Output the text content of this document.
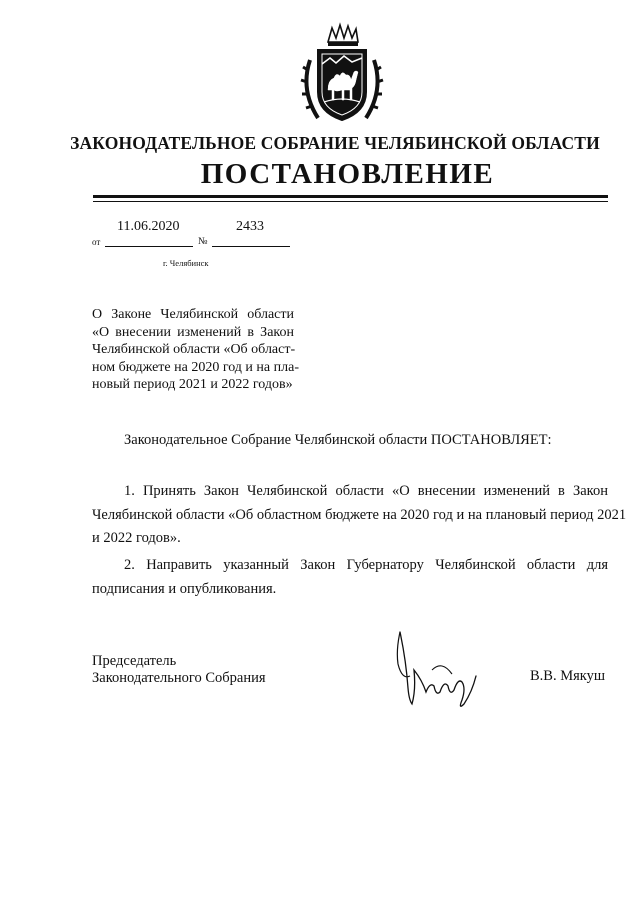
ЗАКОНОДАТЕЛЬНОЕ СОБРАНИЕ ЧЕЛЯБИНСКОЙ ОБЛАСТИ
ПОСТАНОВЛЕНИЕ
11.06.2020	2433
от	№
г. Челябинск
О Законе Челябинской области
«О внесении изменений в Закон
Челябинской области «Об област-
ном бюджете на 2020 год и на пла-
новый период 2021 и 2022 годов»
Законодательное Собрание Челябинской области ПОСТАНОВЛЯЕТ:
1. Принять Закон Челябинской области «О внесении изменений в Закон
Челябинской области «Об областном бюджете на 2020 год и на плановый период 2021
и 2022 годов».
2. Направить указанный Закон Губернатору Челябинской области для
подписания и опубликования.
Председатель
Законодательного Собрания	В.В. Мякуш
